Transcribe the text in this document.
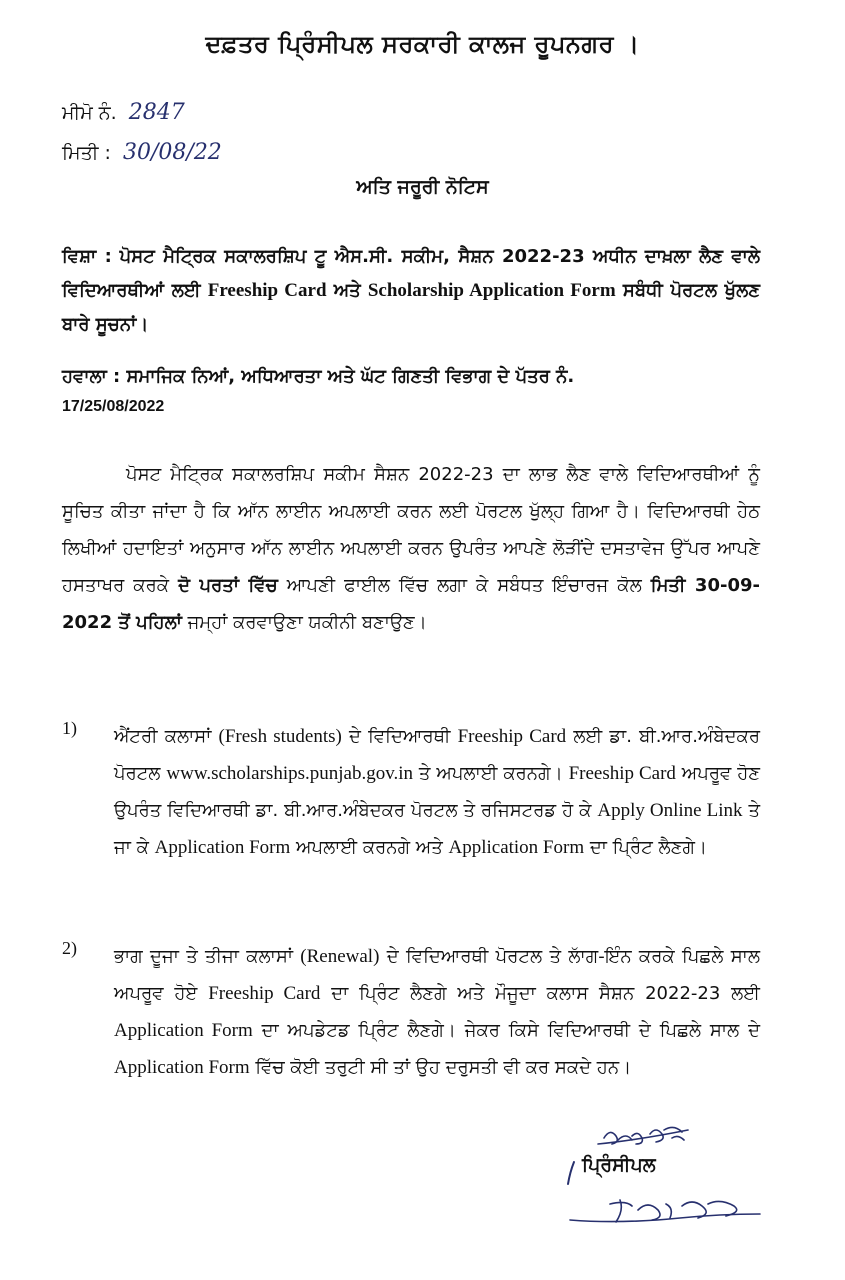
ਦਫ਼ਤਰ ਪ੍ਰਿੰਸੀਪਲ ਸਰਕਾਰੀ ਕਾਲਜ ਰੂਪਨਗਰ ।
ਮੀਮੋ ਨੰ. 2847
ਮਿਤੀ : 30/08/22
ਅਤਿ ਜਰੂਰੀ ਨੋਟਿਸ
ਵਿਸ਼ਾ : ਪੋਸਟ ਮੈਟ੍ਰਿਕ ਸਕਾਲਰਸ਼ਿਪ ਟੂ ਐਸ.ਸੀ. ਸਕੀਮ, ਸੈਸ਼ਨ 2022-23 ਅਧੀਨ ਦਾਖ਼ਲਾ ਲੈਣ ਵਾਲੇ ਵਿਦਿਆਰਥੀਆਂ ਲਈ Freeship Card ਅਤੇ Scholarship Application Form ਸਬੰਧੀ ਪੋਰਟਲ ਖੁੱਲਣ ਬਾਰੇ ਸੂਚਨਾਂ।
ਹਵਾਲਾ : ਸਮਾਜਿਕ ਨਿਆਂ, ਅਧਿਆਰਤਾ ਅਤੇ ਘੱਟ ਗਿਣਤੀ ਵਿਭਾਗ ਦੇ ਪੱਤਰ ਨੰ.
17/25/08/2022
ਪੋਸਟ ਮੈਟ੍ਰਿਕ ਸਕਾਲਰਸ਼ਿਪ ਸਕੀਮ ਸੈਸ਼ਨ 2022-23 ਦਾ ਲਾਭ ਲੈਣ ਵਾਲੇ ਵਿਦਿਆਰਥੀਆਂ ਨੂੰ ਸੂਚਿਤ ਕੀਤਾ ਜਾਂਦਾ ਹੈ ਕਿ ਆੱਨ ਲਾਈਨ ਅਪਲਾਈ ਕਰਨ ਲਈ ਪੋਰਟਲ ਖੁੱਲ੍ਹ ਗਿਆ ਹੈ। ਵਿਦਿਆਰਥੀ ਹੇਠ ਲਿਖੀਆਂ ਹਦਾਇਤਾਂ ਅਨੁਸਾਰ ਆੱਨ ਲਾਈਨ ਅਪਲਾਈ ਕਰਨ ਉਪਰੰਤ ਆਪਣੇ ਲੋੜੀਂਦੇ ਦਸਤਾਵੇਜ ਉੱਪਰ ਆਪਣੇ ਹਸਤਾਖਰ ਕਰਕੇ ਦੋ ਪਰਤਾਂ ਵਿੱਚ ਆਪਣੀ ਫਾਈਲ ਵਿੱਚ ਲਗਾ ਕੇ ਸਬੰਧਤ ਇੰਚਾਰਜ ਕੋਲ ਮਿਤੀ 30-09-2022 ਤੋਂ ਪਹਿਲਾਂ ਜਮ੍ਹਾਂ ਕਰਵਾਉਣਾ ਯਕੀਨੀ ਬਣਾਉਣ।
1) ਐਂਟਰੀ ਕਲਾਸਾਂ (Fresh students) ਦੇ ਵਿਦਿਆਰਥੀ Freeship Card ਲਈ ਡਾ. ਬੀ.ਆਰ.ਅੰਬੇਦਕਰ ਪੋਰਟਲ www.scholarships.punjab.gov.in ਤੇ ਅਪਲਾਈ ਕਰਨਗੇ। Freeship Card ਅਪਰੂਵ ਹੋਣ ਉਪਰੰਤ ਵਿਦਿਆਰਥੀ ਡਾ. ਬੀ.ਆਰ.ਅੰਬੇਦਕਰ ਪੋਰਟਲ ਤੇ ਰਜਿਸਟਰਡ ਹੋ ਕੇ Apply Online Link ਤੇ ਜਾ ਕੇ Application Form ਅਪਲਾਈ ਕਰਨਗੇ ਅਤੇ Application Form ਦਾ ਪ੍ਰਿੰਟ ਲੈਣਗੇ।
2) ਭਾਗ ਦੂਜਾ ਤੇ ਤੀਜਾ ਕਲਾਸਾਂ (Renewal) ਦੇ ਵਿਦਿਆਰਥੀ ਪੋਰਟਲ ਤੇ ਲਾੱਗ-ਇੰਨ ਕਰਕੇ ਪਿਛਲੇ ਸਾਲ ਅਪਰੂਵ ਹੋਏ Freeship Card ਦਾ ਪ੍ਰਿੰਟ ਲੈਣਗੇ ਅਤੇ ਮੌਜੂਦਾ ਕਲਾਸ ਸੈਸ਼ਨ 2022-23 ਲਈ Application Form ਦਾ ਅਪਡੇਟਡ ਪ੍ਰਿੰਟ ਲੈਣਗੇ। ਜੇਕਰ ਕਿਸੇ ਵਿਦਿਆਰਥੀ ਦੇ ਪਿਛਲੇ ਸਾਲ ਦੇ Application Form ਵਿੱਚ ਕੋਈ ਤਰੁਟੀ ਸੀ ਤਾਂ ਉਹ ਦਰੁਸਤੀ ਵੀ ਕਰ ਸਕਦੇ ਹਨ।
ਪ੍ਰਿੰਸੀਪਲ
